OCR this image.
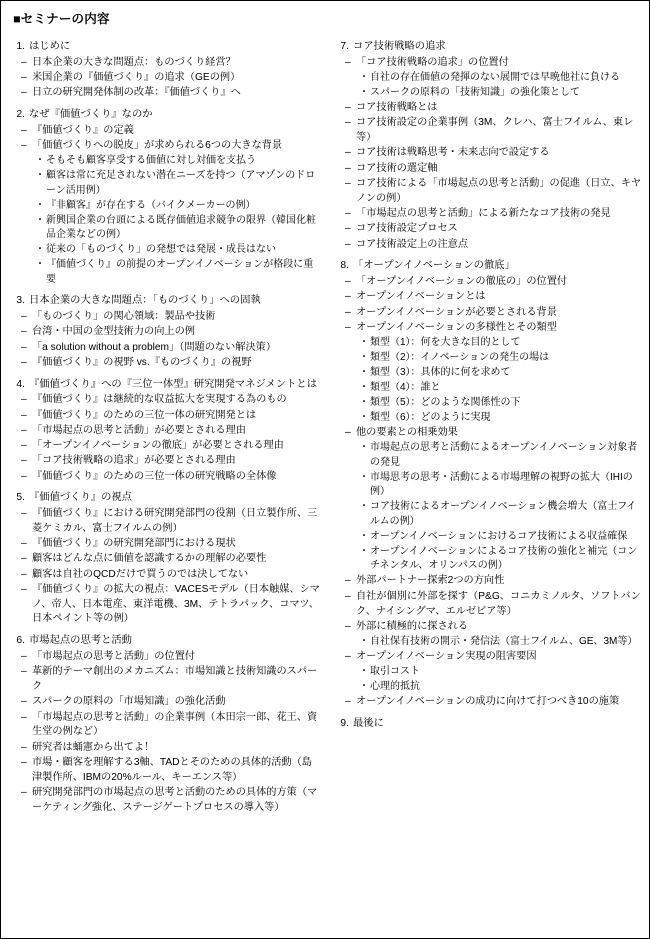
■セミナーの内容
1. はじめに
– 日本企業の大きな問題点：ものづくり経営？
– 米国企業の『価値づくり』の追求（GEの例）
– 日立の研究開発体制の改革：『価値づくり』へ
2. なぜ『価値づくり』なのか
– 『価値づくり』の定義
– 「価値づくりへの脱皮」が求められる6つの大きな背景
・ そもそも顧客享受する価値に対し対価を支払う
・ 顧客は常に充足されない潜在ニーズを持つ（アマゾンのドローン活用例）
・ 『非顧客』が存在する（バイクメーカーの例）
・ 新興国企業の台頭による既存価値追求競争の限界（韓国化粧品企業などの例）
・ 従来の「ものづくり」の発想では発展・成長はない
・ 『価値づくり』の前提のオープンイノベーションが格段に重要
3. 日本企業の大きな問題点：「ものづくり」への固執
– 「ものづくり」の関心領域：製品や技術
– 台湾・中国の金型技術力の向上の例
– 「a solution without a problem」（問題のない解決策）
– 『価値づくり』の視野 vs.『ものづくり』の視野
4. 『価値づくり』への『三位一体型』研究開発マネジメントとは
– 『価値づくり』は継続的な収益拡大を実現する為のもの
– 『価値づくり』のための三位一体の研究開発とは
– 「市場起点の思考と活動」が必要とされる理由
– 「オープンイノベーションの徹底」が必要とされる理由
– 「コア技術戦略の追求」が必要とされる理由
– 『価値づくり』のための三位一体の研究戦略の全体像
5. 『価値づくり』の視点
– 『価値づくり』における研究開発部門の役割（日立製作所、三菱ケミカル、富士フイルムの例）
– 『価値づくり』の研究開発部門における現状
– 顧客はどんな点に価値を認識するかの理解の必要性
– 顧客は自社のQCDだけで買うのでは決してない
– 『価値づくり』の拡大の視点：VACESモデル（日本触媒、シマノ、帝人、日本電産、東洋電機、3M、テトラパック、コマツ、日本ペイント等の例）
6. 市場起点の思考と活動
– 「市場起点の思考と活動」の位置付
– 革新的テーマ創出のメカニズム：市場知識と技術知識のスパーク
– スパークの原料の「市場知識」の強化活動
– 「市場起点の思考と活動」の企業事例（本田宗一郎、花王、資生堂の例など）
– 研究者は蛹憲から出てよ！
– 市場・顧客を理解する3軸、TADとそのための具体的活動（島津製作所、IBMの20%ルール、キーエンス等）
– 研究開発部門の市場起点の思考と活動のための具体的方策（マーケティング強化、ステージゲートプロセスの導入等）
7. コア技術戦略の追求
– 「コア技術戦略の追求」の位置付
・ 自社の存在価値の発揮のない展開では早晩他社に負ける
・ スパークの原料の「技術知識」の強化策として
– コア技術戦略とは
– コア技術設定の企業事例（3M、クレハ、富士フイルム、東レ等）
– コア技術は戦略思考・未来志向で設定する
– コア技術の選定軸
– コア技術による「市場起点の思考と活動」の促進（日立、キヤノンの例）
– 「市場起点の思考と活動」による新たなコア技術の発見
– コア技術設定プロセス
– コア技術設定上の注意点
8. 「オープンイノベーションの徹底」
– 「オープンイノベーションの徹底の」の位置付
– オープンイノベーションとは
– オープンイノベーションが必要とされる背景
– オープンイノベーションの多様性とその類型
・ 類型（1）：何を大きな目的として
・ 類型（2）：イノベーションの発生の場は
・ 類型（3）：具体的に何を求めて
・ 類型（4）：誰と
・ 類型（5）：どのような関係性の下
・ 類型（6）：どのように実現
– 他の要素との相乗効果
・ 市場起点の思考と活動によるオープンイノベーション対象者の発見
・ 市場思考の思考・活動による市場理解の視野の拡大（IHIの例）
・ コア技術によるオープンイノベーション機会増大（富士フイルムの例）
・ オープンイノベーションにおけるコア技術による収益確保
・ オープンイノベーションによるコア技術の強化と補完（コンチネンタル、オリンパスの例）
– 外部パートナー探索2つの方向性
– 自社が個別に外部を探す（P&G、コニカミノルタ、ソフトバンク、ナイシングマ、エルゼビア等）
– 外部に積極的に探される
・ 自社保有技術の開示・発信法（富士フイルム、GE、3M等）
– オープンイノベーション実現の阻害要因
・ 取引コスト
・ 心理的抵抗
– オープンイノベーションの成功に向けて打つべき10の施策
9. 最後に
